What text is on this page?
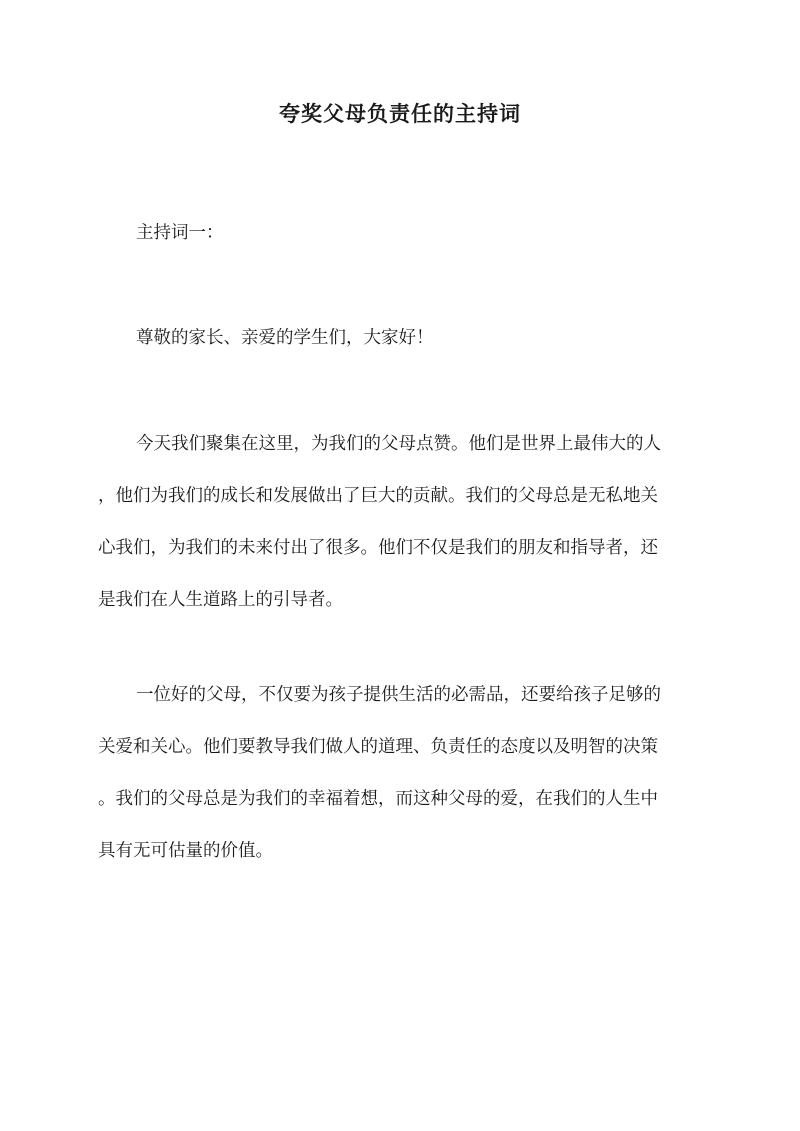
夸奖父母负责任的主持词

主持词一：

尊敬的家长、亲爱的学生们，大家好！

今天我们聚集在这里，为我们的父母点赞。他们是世界上最伟大的人
，他们为我们的成长和发展做出了巨大的贡献。我们的父母总是无私地关
心我们，为我们的未来付出了很多。他们不仅是我们的朋友和指导者，还
是我们在人生道路上的引导者。

一位好的父母，不仅要为孩子提供生活的必需品，还要给孩子足够的
关爱和关心。他们要教导我们做人的道理、负责任的态度以及明智的决策
。我们的父母总是为我们的幸福着想，而这种父母的爱，在我们的人生中
具有无可估量的价值。
